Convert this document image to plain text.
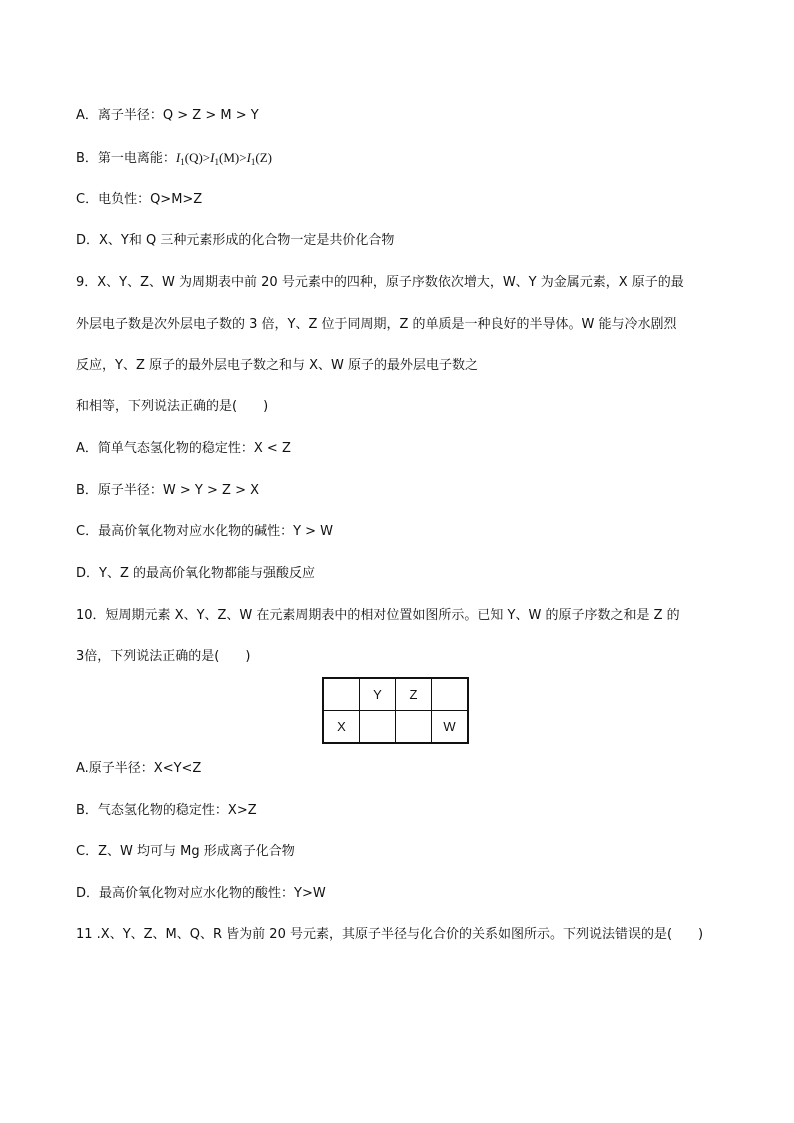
A．离子半径：Q > Z > M > Y
B．第一电离能：$I_1(Q)>I_1(M)>I_1(Z)$
C．电负性：Q>M>Z
D．X、Y和 Q 三种元素形成的化合物一定是共价化合物
9．X、Y、Z、W 为周期表中前 20 号元素中的四种，原子序数依次增大，W、Y 为金属元素，X 原子的最
外层电子数是次外层电子数的 3 倍，Y、Z 位于同周期，Z 的单质是一种良好的半导体。W 能与冷水剧烈
反应，Y、Z 原子的最外层电子数之和与 X、W 原子的最外层电子数之
和相等，下列说法正确的是(　　)
A．简单气态氢化物的稳定性：X < Z
B．原子半径：W > Y > Z > X
C．最高价氧化物对应水化物的碱性：Y > W
D．Y、Z 的最高价氧化物都能与强酸反应
10．短周期元素 X、Y、Z、W 在元素周期表中的相对位置如图所示。已知 Y、W 的原子序数之和是 Z 的
3倍，下列说法正确的是(　　)
	Y	Z	
X			W
A.原子半径：X<Y<Z
B．气态氢化物的稳定性：X>Z
C．Z、W 均可与 Mg 形成离子化合物
D．最高价氧化物对应水化物的酸性：Y>W
11 .X、Y、Z、M、Q、R 皆为前 20 号元素，其原子半径与化合价的关系如图所示。下列说法错误的是(　　)
